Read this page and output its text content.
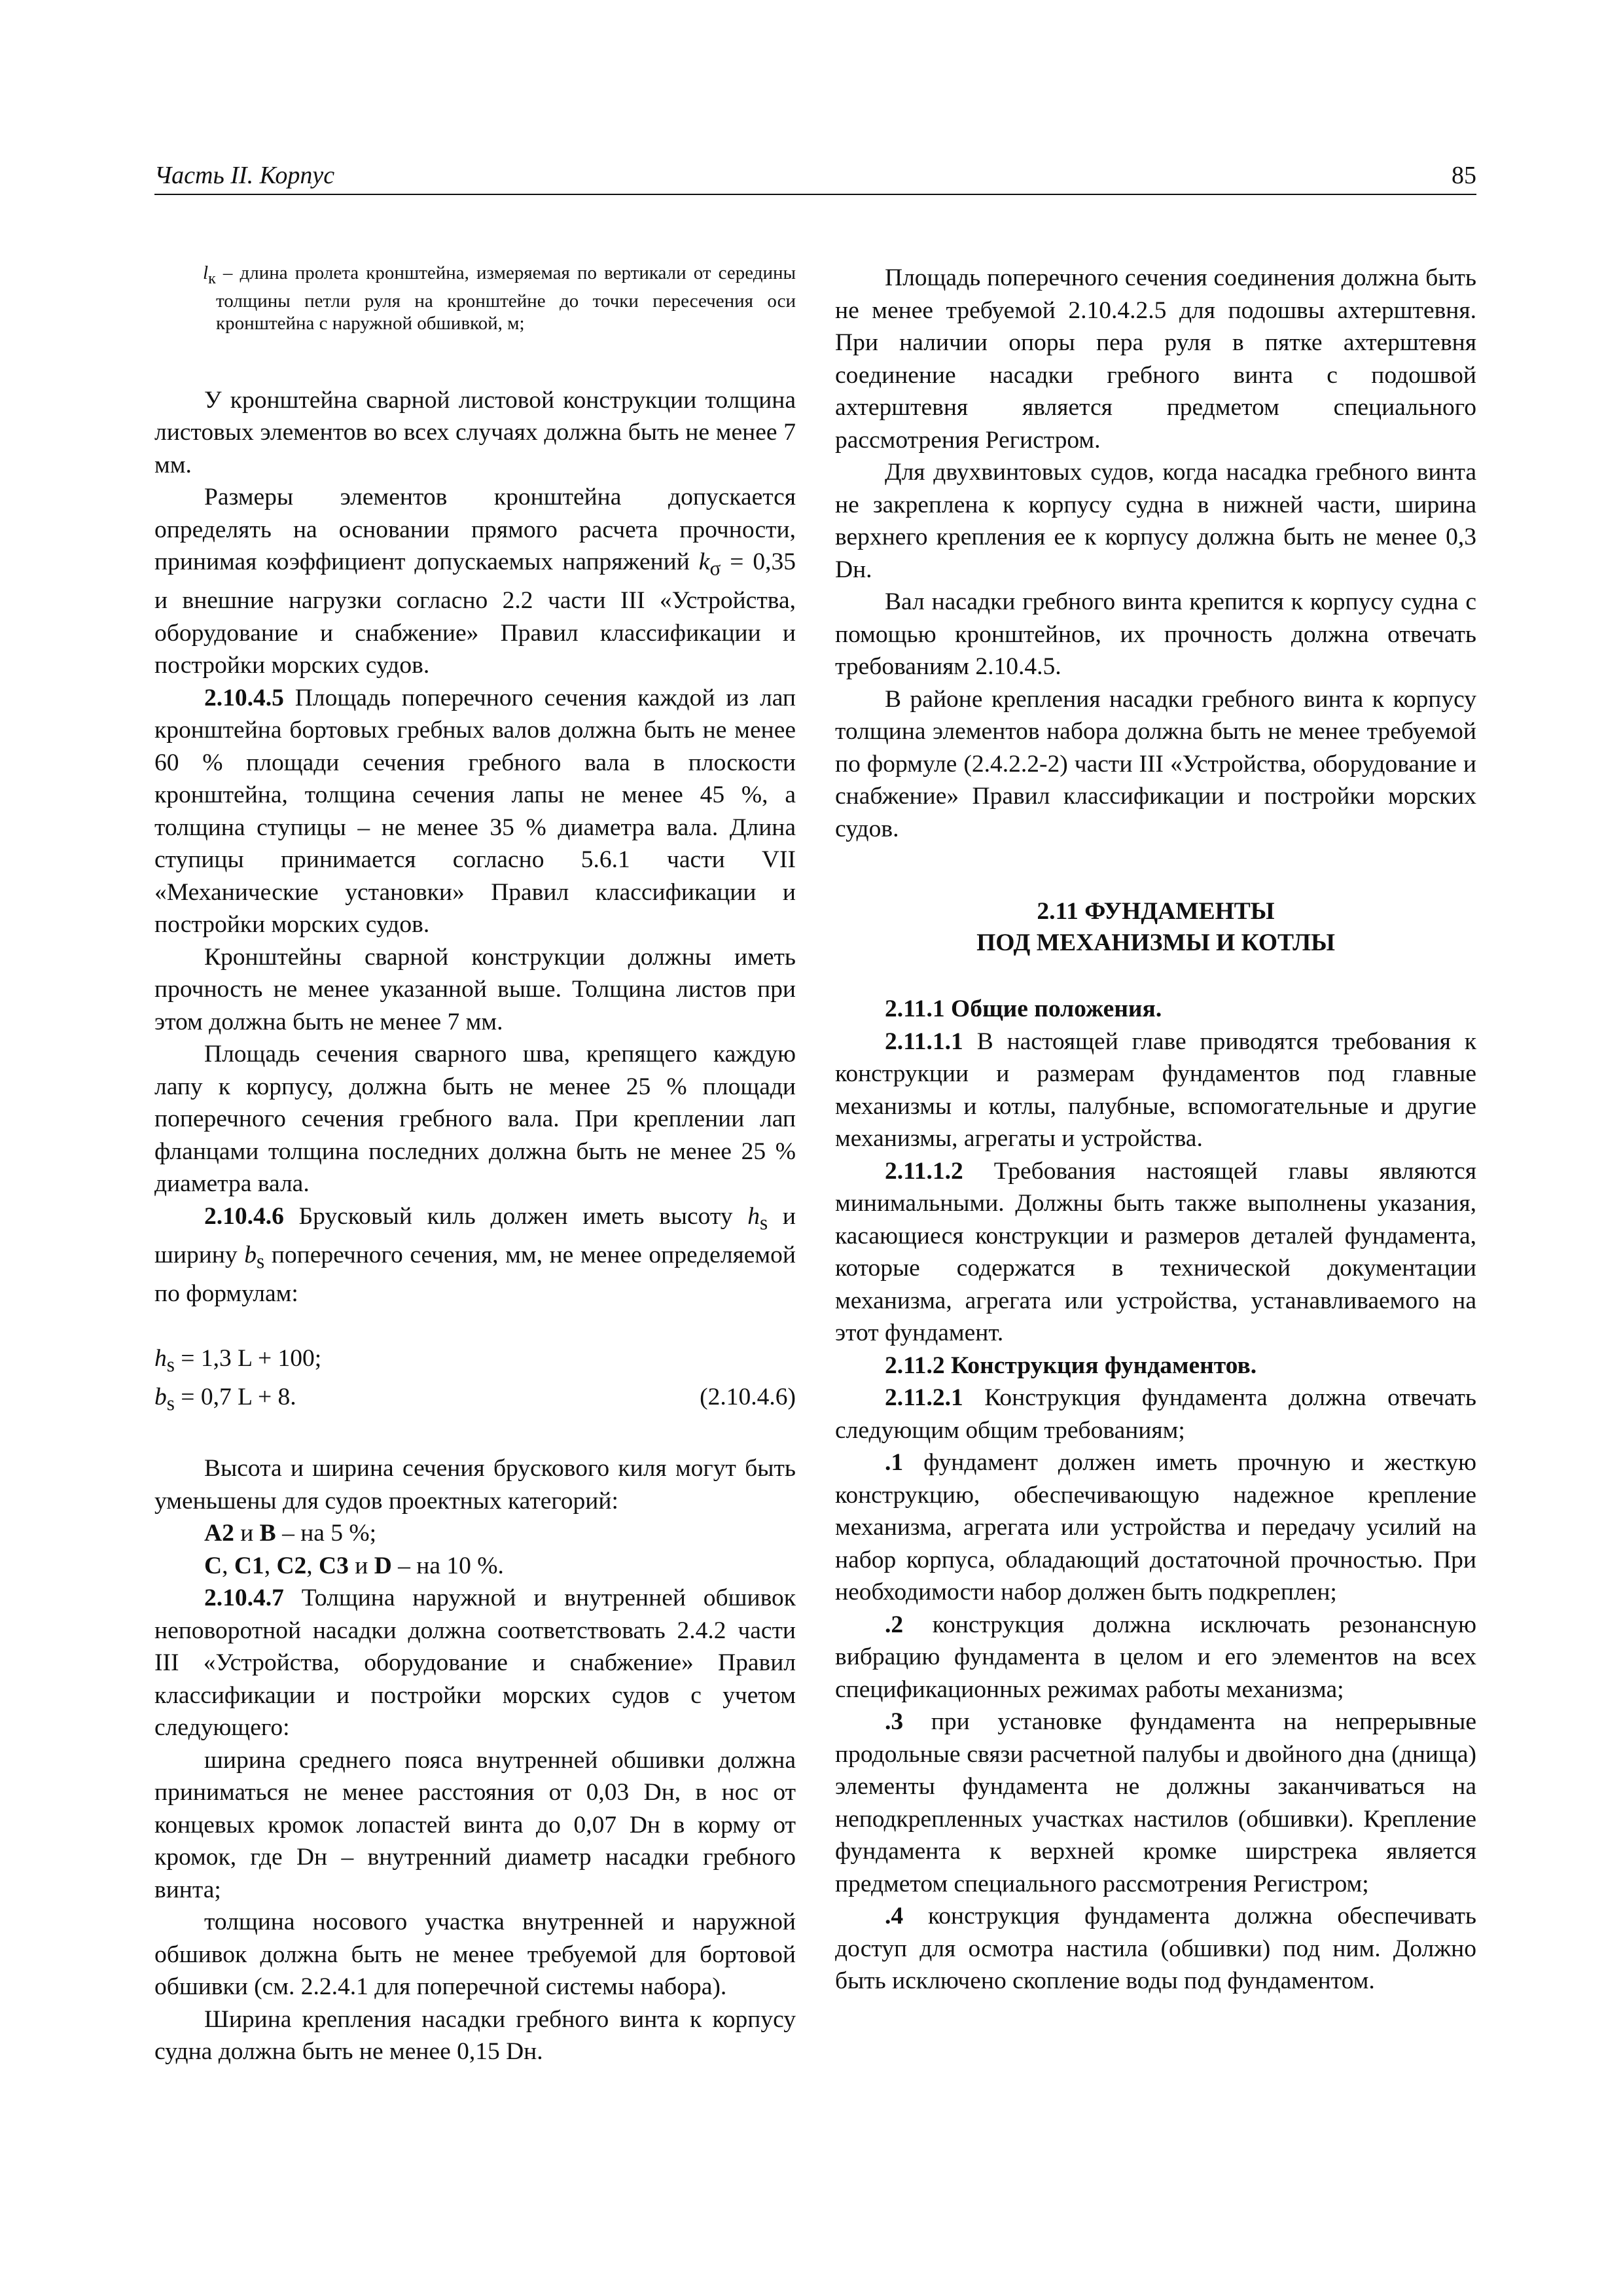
Часть II. Корпус	85

$l_к$ – длина пролета кронштейна, измеряемая по вертикали от середины толщины петли руля на кронштейне до точки пересечения оси кронштейна с наружной обшивкой, м;

У кронштейна сварной листовой конструкции толщина листовых элементов во всех случаях должна быть не менее 7 мм.

Размеры элементов кронштейна допускается определять на основании прямого расчета прочности, принимая коэффициент допускаемых напряжений $k_\sigma = 0,35$ и внешние нагрузки согласно 2.2 части III «Устройства, оборудование и снабжение» Правил классификации и постройки морских судов.

2.10.4.5 Площадь поперечного сечения каждой из лап кронштейна бортовых гребных валов должна быть не менее 60 % площади сечения гребного вала в плоскости кронштейна, толщина сечения лапы не менее 45 %, а толщина ступицы – не менее 35 % диаметра вала. Длина ступицы принимается согласно 5.6.1 части VII «Механические установки» Правил классификации и постройки морских судов.

Кронштейны сварной конструкции должны иметь прочность не менее указанной выше. Толщина листов при этом должна быть не менее 7 мм.

Площадь сечения сварного шва, крепящего каждую лапу к корпусу, должна быть не менее 25 % площади поперечного сечения гребного вала. При креплении лап фланцами толщина последних должна быть не менее 25 % диаметра вала.

2.10.4.6 Брусковый киль должен иметь высоту $h_s$ и ширину $b_s$ поперечного сечения, мм, не менее определяемой по формулам:

$h_s = 1,3$ L + 100;

$b_s = 0,7$ L + 8.	(2.10.4.6)

Высота и ширина сечения брускового киля могут быть уменьшены для судов проектных категорий:

A2 и B – на 5 %;

C, C1, C2, C3 и D – на 10 %.

2.10.4.7 Толщина наружной и внутренней обшивок неповоротной насадки должна соответствовать 2.4.2 части III «Устройства, оборудование и снабжение» Правил классификации и постройки морских судов с учетом следующего:

ширина среднего пояса внутренней обшивки должна приниматься не менее расстояния от 0,03 Dн, в нос от концевых кромок лопастей винта до 0,07 Dн в корму от кромок, где Dн – внутренний диаметр насадки гребного винта;

толщина носового участка внутренней и наружной обшивок должна быть не менее требуемой для бортовой обшивки (см. 2.2.4.1 для поперечной системы набора).

Ширина крепления насадки гребного винта к корпусу судна должна быть не менее 0,15 Dн.

Площадь поперечного сечения соединения должна быть не менее требуемой 2.10.4.2.5 для подошвы ахтерштевня. При наличии опоры пера руля в пятке ахтерштевня соединение насадки гребного винта с подошвой ахтерштевня является предметом специального рассмотрения Регистром.

Для двухвинтовых судов, когда насадка гребного винта не закреплена к корпусу судна в нижней части, ширина верхнего крепления ее к корпусу должна быть не менее 0,3 Dн.

Вал насадки гребного винта крепится к корпусу судна с помощью кронштейнов, их прочность должна отвечать требованиям 2.10.4.5.

В районе крепления насадки гребного винта к корпусу толщина элементов набора должна быть не менее требуемой по формуле (2.4.2.2-2) части III «Устройства, оборудование и снабжение» Правил классификации и постройки морских судов.

2.11 ФУНДАМЕНТЫ
ПОД МЕХАНИЗМЫ И КОТЛЫ

2.11.1 Общие положения.

2.11.1.1 В настоящей главе приводятся требования к конструкции и размерам фундаментов под главные механизмы и котлы, палубные, вспомогательные и другие механизмы, агрегаты и устройства.

2.11.1.2 Требования настоящей главы являются минимальными. Должны быть также выполнены указания, касающиеся конструкции и размеров деталей фундамента, которые содержатся в технической документации механизма, агрегата или устройства, устанавливаемого на этот фундамент.

2.11.2 Конструкция фундаментов.

2.11.2.1 Конструкция фундамента должна отвечать следующим общим требованиям;

.1 фундамент должен иметь прочную и жесткую конструкцию, обеспечивающую надежное крепление механизма, агрегата или устройства и передачу усилий на набор корпуса, обладающий достаточной прочностью. При необходимости набор должен быть подкреплен;

.2 конструкция должна исключать резонансную вибрацию фундамента в целом и его элементов на всех спецификационных режимах работы механизма;

.3 при установке фундамента на непрерывные продольные связи расчетной палубы и двойного дна (днища) элементы фундамента не должны заканчиваться на неподкрепленных участках настилов (обшивки). Крепление фундамента к верхней кромке ширстрека является предметом специального рассмотрения Регистром;

.4 конструкция фундамента должна обеспечивать доступ для осмотра настила (обшивки) под ним. Должно быть исключено скопление воды под фундаментом.
